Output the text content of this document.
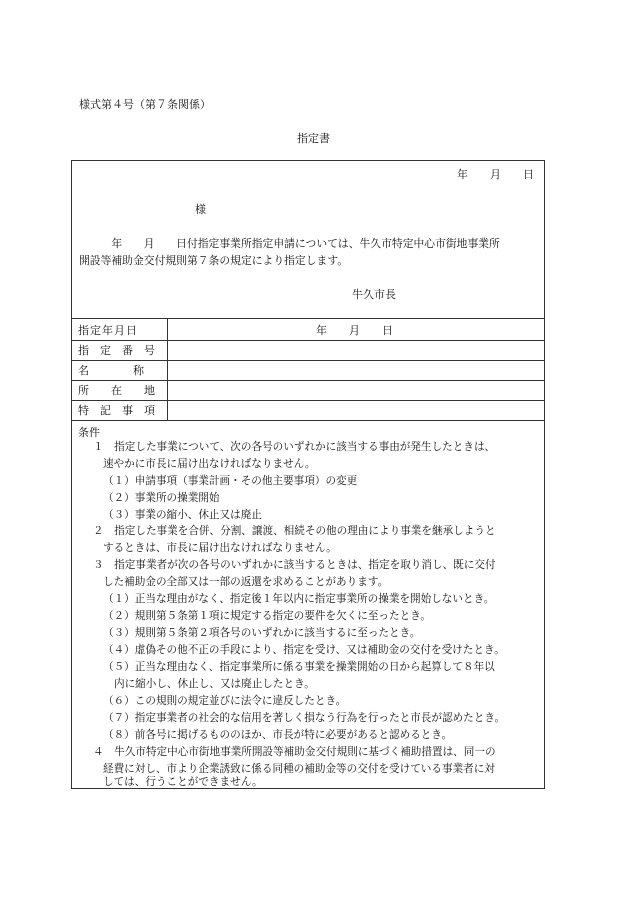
様式第４号（第７条関係）
指定書
年　　月　　日
様
　　　年　　月　　日付指定事業所指定申請については、牛久市特定中心市街地事業所
開設等補助金交付規則第７条の規定により指定します。
牛久市長
指定年月日	年　　月　　日
指　定　番　号
名　　　　称
所　　在　　地
特　記　事　項
条件
１　指定した事業について、次の各号のいずれかに該当する事由が発生したときは、
速やかに市長に届け出なければなりません。
（１）申請事項（事業計画・その他主要事項）の変更
（２）事業所の操業開始
（３）事業の縮小、休止又は廃止
２　指定した事業を合併、分割、譲渡、相続その他の理由により事業を継承しようと
するときは、市長に届け出なければなりません。
３　指定事業者が次の各号のいずれかに該当するときは、指定を取り消し、既に交付
した補助金の全部又は一部の返還を求めることがあります。
（１）正当な理由がなく、指定後１年以内に指定事業所の操業を開始しないとき。
（２）規則第５条第１項に規定する指定の要件を欠くに至ったとき。
（３）規則第５条第２項各号のいずれかに該当するに至ったとき。
（４）虚偽その他不正の手段により、指定を受け、又は補助金の交付を受けたとき。
（５）正当な理由なく、指定事業所に係る事業を操業開始の日から起算して８年以
内に縮小し、休止し、又は廃止したとき。
（６）この規則の規定並びに法令に違反したとき。
（７）指定事業者の社会的な信用を著しく損なう行為を行ったと市長が認めたとき。
（８）前各号に掲げるもののほか、市長が特に必要があると認めるとき。
４　牛久市特定中心市街地事業所開設等補助金交付規則に基づく補助措置は、同一の
経費に対し、市より企業誘致に係る同種の補助金等の交付を受けている事業者に対
しては、行うことができません。
